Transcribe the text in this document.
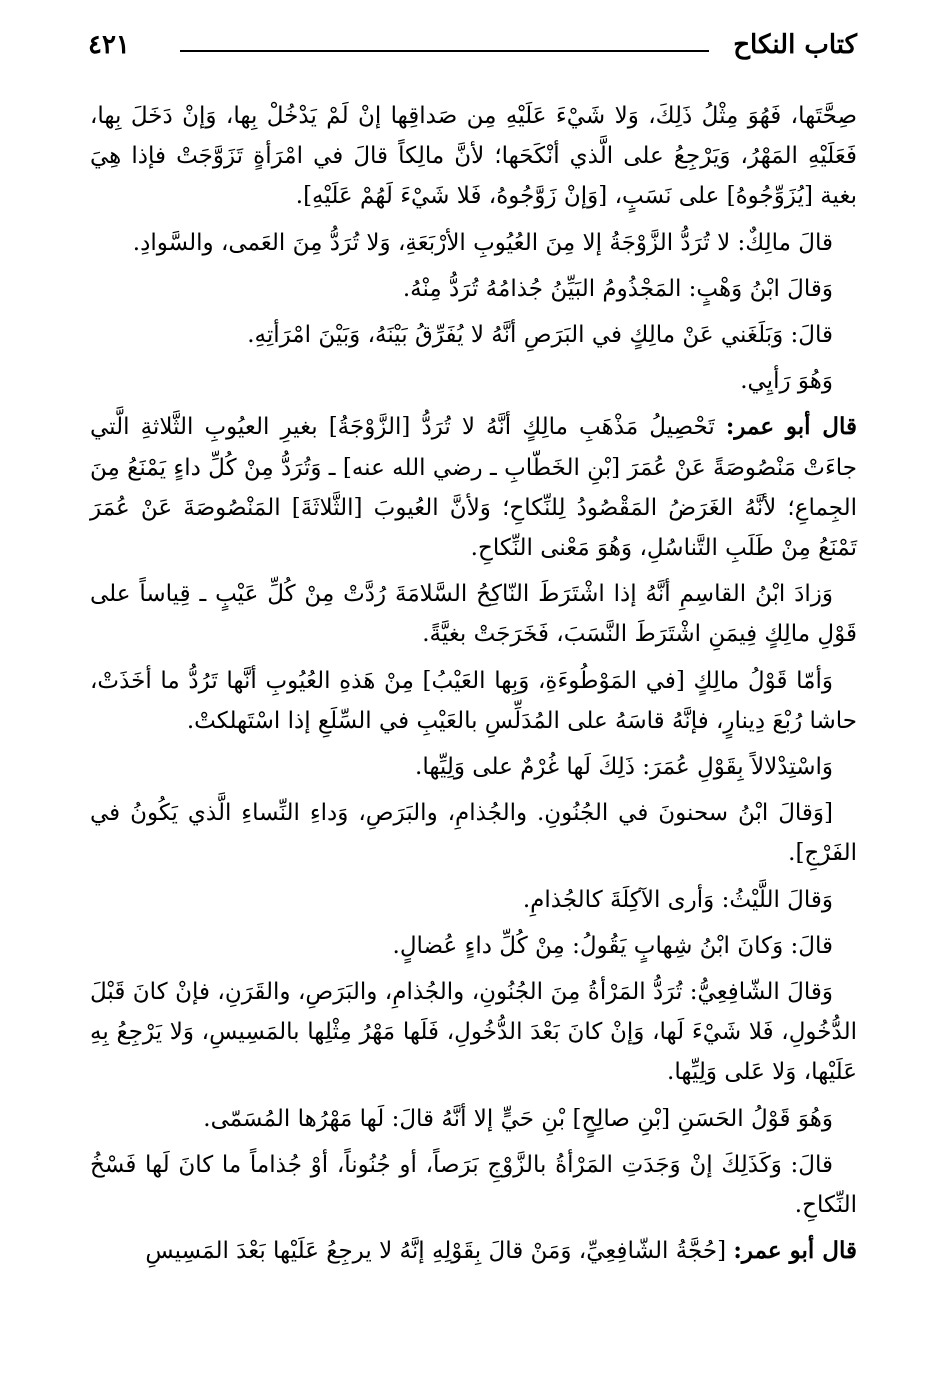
كتاب النكاح
٤٢١

صِحَّتَها، فَهُوَ مِثْلُ ذَلِكَ، وَلا شَيْءَ عَلَيْهِ مِن صَداقِها إنْ لَمْ يَدْخُلْ بِها، وَإنْ دَخَلَ بِها، فَعَلَيْهِ المَهْرُ، وَيَرْجِعُ على الَّذي أنْكَحَها؛ لأنَّ مالِكاً قالَ في امْرَأةٍ تَزَوَّجَتْ فإذا هِيَ بغية [يُزَوِّجُوهُ] على نَسَبٍ، [وَإنْ زَوَّجُوهُ، فَلا شَيْءَ لَهُمْ عَلَيْهِ].

قالَ مالِكٌ: لا تُرَدُّ الزَّوْجَةُ إلا مِنَ العُيُوبِ الأرْبَعَةِ، وَلا تُرَدُّ مِنَ العَمى، والسَّوادِ.

وَقالَ ابْنُ وَهْبٍ: المَجْذُومُ البَيِّنُ جُذامُهُ تُرَدُّ مِنْهُ.

قالَ: وَبَلَغَني عَنْ مالِكٍ في البَرَصِ أنَّهُ لا يُفَرِّقُ بَيْنَهُ، وَبَيْنَ امْرَأتِهِ.

وَهُوَ رَأيِي.

قال أبو عمر: تَحْصِيلُ مَذْهَبِ مالِكٍ أنَّهُ لا تُرَدُّ [الزَّوْجَةُ] بغيرِ العيُوبِ الثَّلاثةِ الَّتي جاءَتْ مَنْصُوصَةً عَنْ عُمَرَ [بْنِ الخَطّابِ ـ رضي الله عنه] ـ وَتُرَدُّ مِنْ كُلِّ داءٍ يَمْنَعُ مِنَ الجِماعِ؛ لأنَّهُ الغَرَضُ المَقْصُودُ لِلنِّكاحِ؛ وَلأنَّ العُيوبَ [الثَّلاثَةَ] المَنْصُوصَةَ عَنْ عُمَرَ تَمْنَعُ مِنْ طَلَبِ التَّناسُلِ، وَهُوَ مَعْنى النِّكاحِ.

وَزادَ ابْنُ القاسِمِ أنَّهُ إذا اشْتَرَطَ النّاكِحُ السَّلامَةَ رُدَّتْ مِنْ كُلِّ عَيْبٍ ـ قِياساً على قَوْلِ مالِكٍ فِيمَنِ اشْتَرَطَ النَّسَبَ، فَخَرَجَتْ بغيَّةً.

وَأمّا قَوْلُ مالِكٍ [في المَوْطُوءَةِ، وَبِها العَيْبُ] مِنْ هَذهِ العُيُوبِ أنَّها تَرُدُّ ما أخَذَتْ، حاشا رُبْعَ دِينارٍ، فإنَّهُ قاسَهُ على المُدَلِّسِ بالعَيْبِ في السِّلَعِ إذا اسْتَهلكتْ.

وَاسْتِدْلالاً بِقَوْلِ عُمَرَ: ذَلِكَ لَها غُرْمٌ على وَلِيِّها.

[وَقالَ ابْنُ سحنونَ في الجُنُونِ. والجُذامِ، والبَرَصِ، وَداءِ النِّساءِ الَّذي يَكُونُ في الفَرْجِ].

وَقالَ اللَّيْثُ: وَأرى الآكِلَةَ كالجُذامِ.

قالَ: وَكانَ ابْنُ شِهابٍ يَقُولُ: مِنْ كُلِّ داءٍ عُضالٍ.

وَقالَ الشّافِعِيُّ: تُرَدُّ المَرْأةُ مِنَ الجُنُونِ، والجُذامِ، والبَرَصِ، والقَرَنِ، فإنْ كانَ قَبْلَ الدُّخُولِ، فَلا شَيْءَ لَها، وَإنْ كانَ بَعْدَ الدُّخُولِ، فَلَها مَهْرُ مِثْلِها بالمَسِيسِ، وَلا يَرْجِعُ بِهِ عَلَيْها، وَلا عَلى وَلِيِّها.

وَهُوَ قَوْلُ الحَسَنِ [بْنِ صالِحٍ] بْنِ حَيٍّ إلا أنَّهُ قالَ: لَها مَهْرُها المُسَمّى.

قالَ: وَكَذَلِكَ إنْ وَجَدَتِ المَرْأةُ بالزَّوْجِ بَرَصاً، أو جُنُوناً، أوْ جُذاماً ما كانَ لَها فَسْخُ النِّكاحِ.

قال أبو عمر: [حُجَّةُ الشّافِعِيِّ، وَمَنْ قالَ بِقَوْلِهِ إنَّهُ لا يرجِعُ عَلَيْها بَعْدَ المَسِيسِ
